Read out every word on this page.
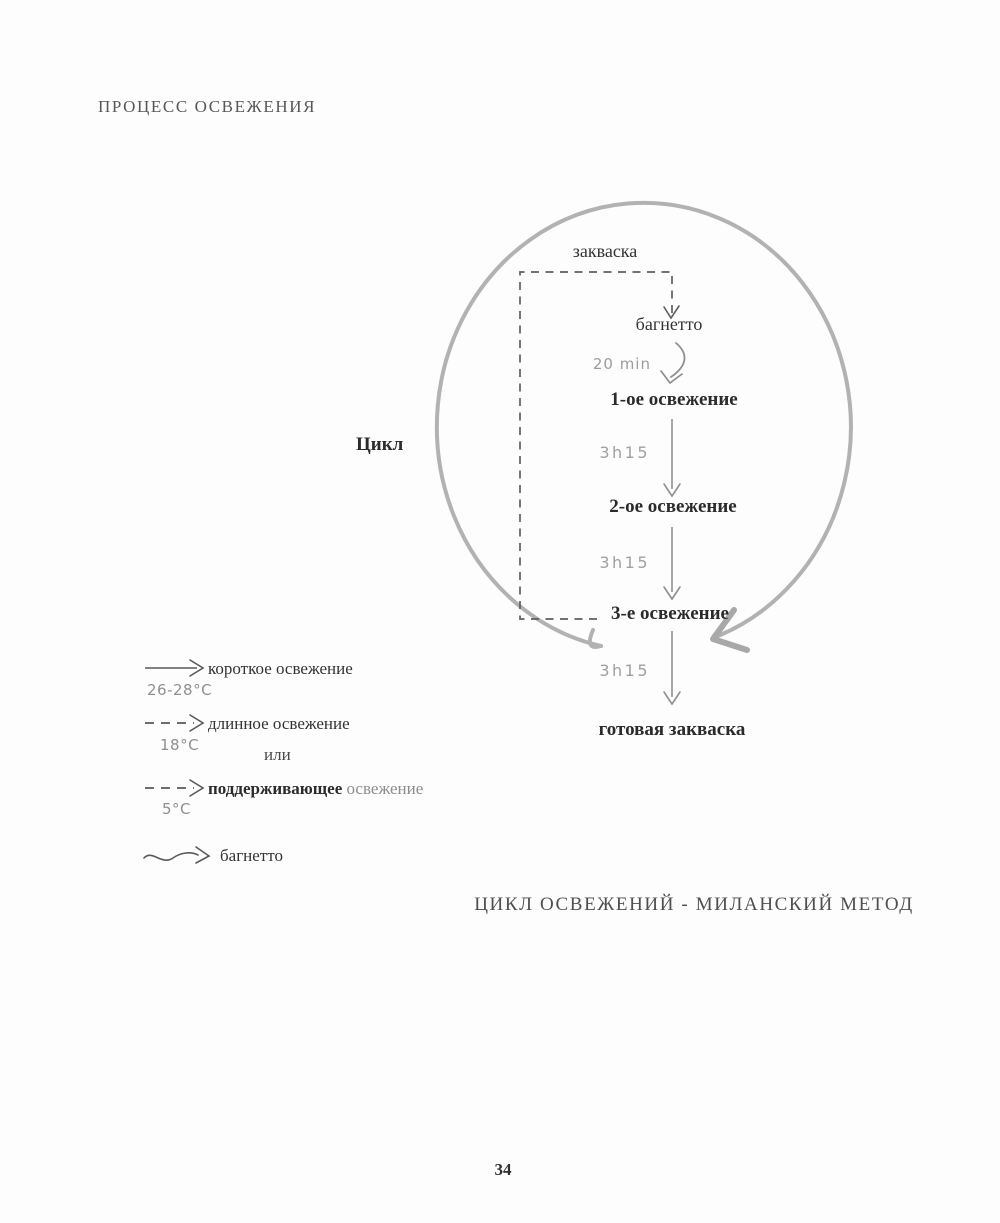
ПРОЦЕСС ОСВЕЖЕНИЯ
Цикл
закваска
багнетто
20 min
1-ое освежение
3h15
2-ое освежение
3h15
3-е освежение
3h15
готовая закваска
короткое освежение
26-28°C
длинное освежение
18°C	или
поддерживающее освежение
5°C
багнетто
ЦИКЛ ОСВЕЖЕНИЙ - МИЛАНСКИЙ МЕТОД
34
